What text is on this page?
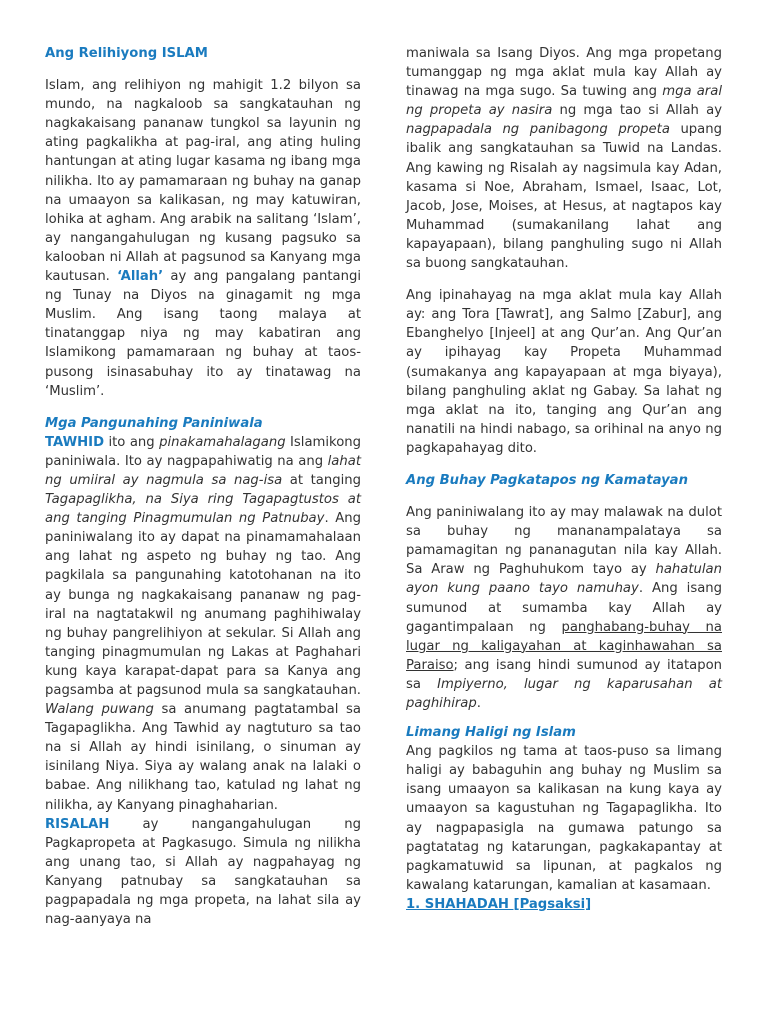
Ang Relihiyong ISLAM

Islam, ang relihiyon ng mahigit 1.2 bilyon sa mundo, na nagkaloob sa sangkatauhan ng nagkakaisang pananaw tungkol sa layunin ng ating pagkalikha at pag-iral, ang ating huling hantungan at ating lugar kasama ng ibang mga nilikha. Ito ay pamamaraan ng buhay na ganap na umaayon sa kalikasan, ng may katuwiran, lohika at agham. Ang arabik na salitang ‘Islam’, ay nangangahulugan ng kusang pagsuko sa kalooban ni Allah at pagsunod sa Kanyang mga kautusan. ‘Allah’ ay ang pangalang pantangi ng Tunay na Diyos na ginagamit ng mga Muslim. Ang isang taong malaya at tinatanggap niya ng may kabatiran ang Islamikong pamamaraan ng buhay at taos-pusong isinasabuhay ito ay tinatawag na ‘Muslim’.

Mga Pangunahing Paniniwala

TAWHID ito ang pinakamahalagang Islamikong paniniwala. Ito ay nagpapahiwatig na ang lahat ng umiiral ay nagmula sa nag-isa at tanging Tagapaglikha, na Siya ring Tagapagtustos at ang tanging Pinagmumulan ng Patnubay. Ang paniniwalang ito ay dapat na pinamamahalaan ang lahat ng aspeto ng buhay ng tao. Ang pagkilala sa pangunahing katotohanan na ito ay bunga ng nagkakaisang pananaw ng pag-iral na nagtatakwil ng anumang paghihiwalay ng buhay pangrelihiyon at sekular. Si Allah ang tanging pinagmumulan ng Lakas at Paghahari kung kaya karapat-dapat para sa Kanya ang pagsamba at pagsunod mula sa sangkatauhan. Walang puwang sa anumang pagtatambal sa Tagapaglikha. Ang Tawhid ay nagtuturo sa tao na si Allah ay hindi isinilang, o sinuman ay isinilang Niya. Siya ay walang anak na lalaki o babae. Ang nilikhang tao, katulad ng lahat ng nilikha, ay Kanyang pinaghaharian.

RISALAH ay nangangahulugan ng Pagkapropeta at Pagkasugo. Simula ng nilikha ang unang tao, si Allah ay nagpahayag ng Kanyang patnubay sa sangkatauhan sa pagpapadala ng mga propeta, na lahat sila ay nag-aanyaya na

maniwala sa Isang Diyos. Ang mga propetang tumanggap ng mga aklat mula kay Allah ay tinawag na mga sugo. Sa tuwing ang mga aral ng propeta ay nasira ng mga tao si Allah ay nagpapadala ng panibagong propeta upang ibalik ang sangkatauhan sa Tuwid na Landas. Ang kawing ng Risalah ay nagsimula kay Adan, kasama si Noe, Abraham, Ismael, Isaac, Lot, Jacob, Jose, Moises, at Hesus, at nagtapos kay Muhammad (sumakanilang lahat ang kapayapaan), bilang panghuling sugo ni Allah sa buong sangkatauhan.

Ang ipinahayag na mga aklat mula kay Allah ay: ang Tora [Tawrat], ang Salmo [Zabur], ang Ebanghelyo [Injeel] at ang Qur’an. Ang Qur’an ay ipihayag kay Propeta Muhammad (sumakanya ang kapayapaan at mga biyaya), bilang panghuling aklat ng Gabay. Sa lahat ng mga aklat na ito, tanging ang Qur’an ang nanatili na hindi nabago, sa orihinal na anyo ng pagkapahayag dito.

Ang Buhay Pagkatapos ng Kamatayan

Ang paniniwalang ito ay may malawak na dulot sa buhay ng mananampalataya sa pamamagitan ng pananagutan nila kay Allah. Sa Araw ng Paghuhukom tayo ay hahatulan ayon kung paano tayo namuhay. Ang isang sumunod at sumamba kay Allah ay gagantimpalaan ng panghabang-buhay na lugar ng kaligayahan at kaginhawahan sa Paraiso; ang isang hindi sumunod ay itatapon sa Impiyerno, lugar ng kaparusahan at paghihirap.

Limang Haligi ng Islam

Ang pagkilos ng tama at taos-puso sa limang haligi ay babaguhin ang buhay ng Muslim sa isang umaayon sa kalikasan na kung kaya ay umaayon sa kagustuhan ng Tagapaglikha. Ito ay nagpapasigla na gumawa patungo sa pagtatatag ng katarungan, pagkakapantay at pagkamatuwid sa lipunan, at pagkalos ng kawalang katarungan, kamalian at kasamaan.

1. SHAHADAH [Pagsaksi]
